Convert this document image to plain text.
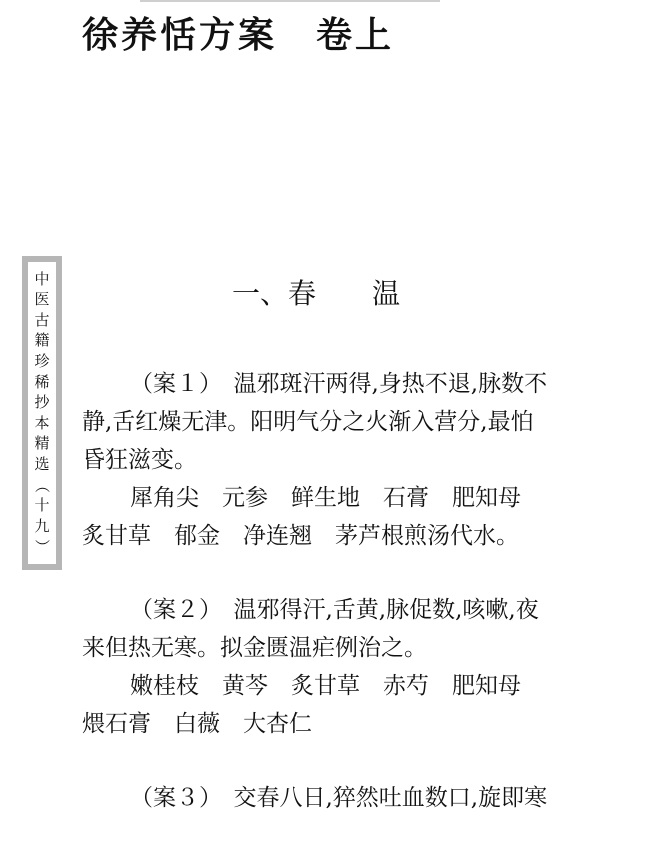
徐养恬方案　卷上
中
医
古
籍
珍
稀
抄
本
精
选
（
十
九
）
一、春　　温
（案１）　温邪斑汗两得,身热不退,脉数不
静,舌红燥无津。阳明气分之火渐入营分,最怕
昏狂滋变。
犀角尖　元参　鲜生地　石膏　肥知母
炙甘草　郁金　净连翘　茅芦根煎汤代水。
（案２）　温邪得汗,舌黄,脉促数,咳嗽,夜
来但热无寒。拟金匮温疟例治之。
嫩桂枝　黄芩　炙甘草　赤芍　肥知母
煨石膏　白薇　大杏仁
（案３）　交春八日,猝然吐血数口,旋即寒
